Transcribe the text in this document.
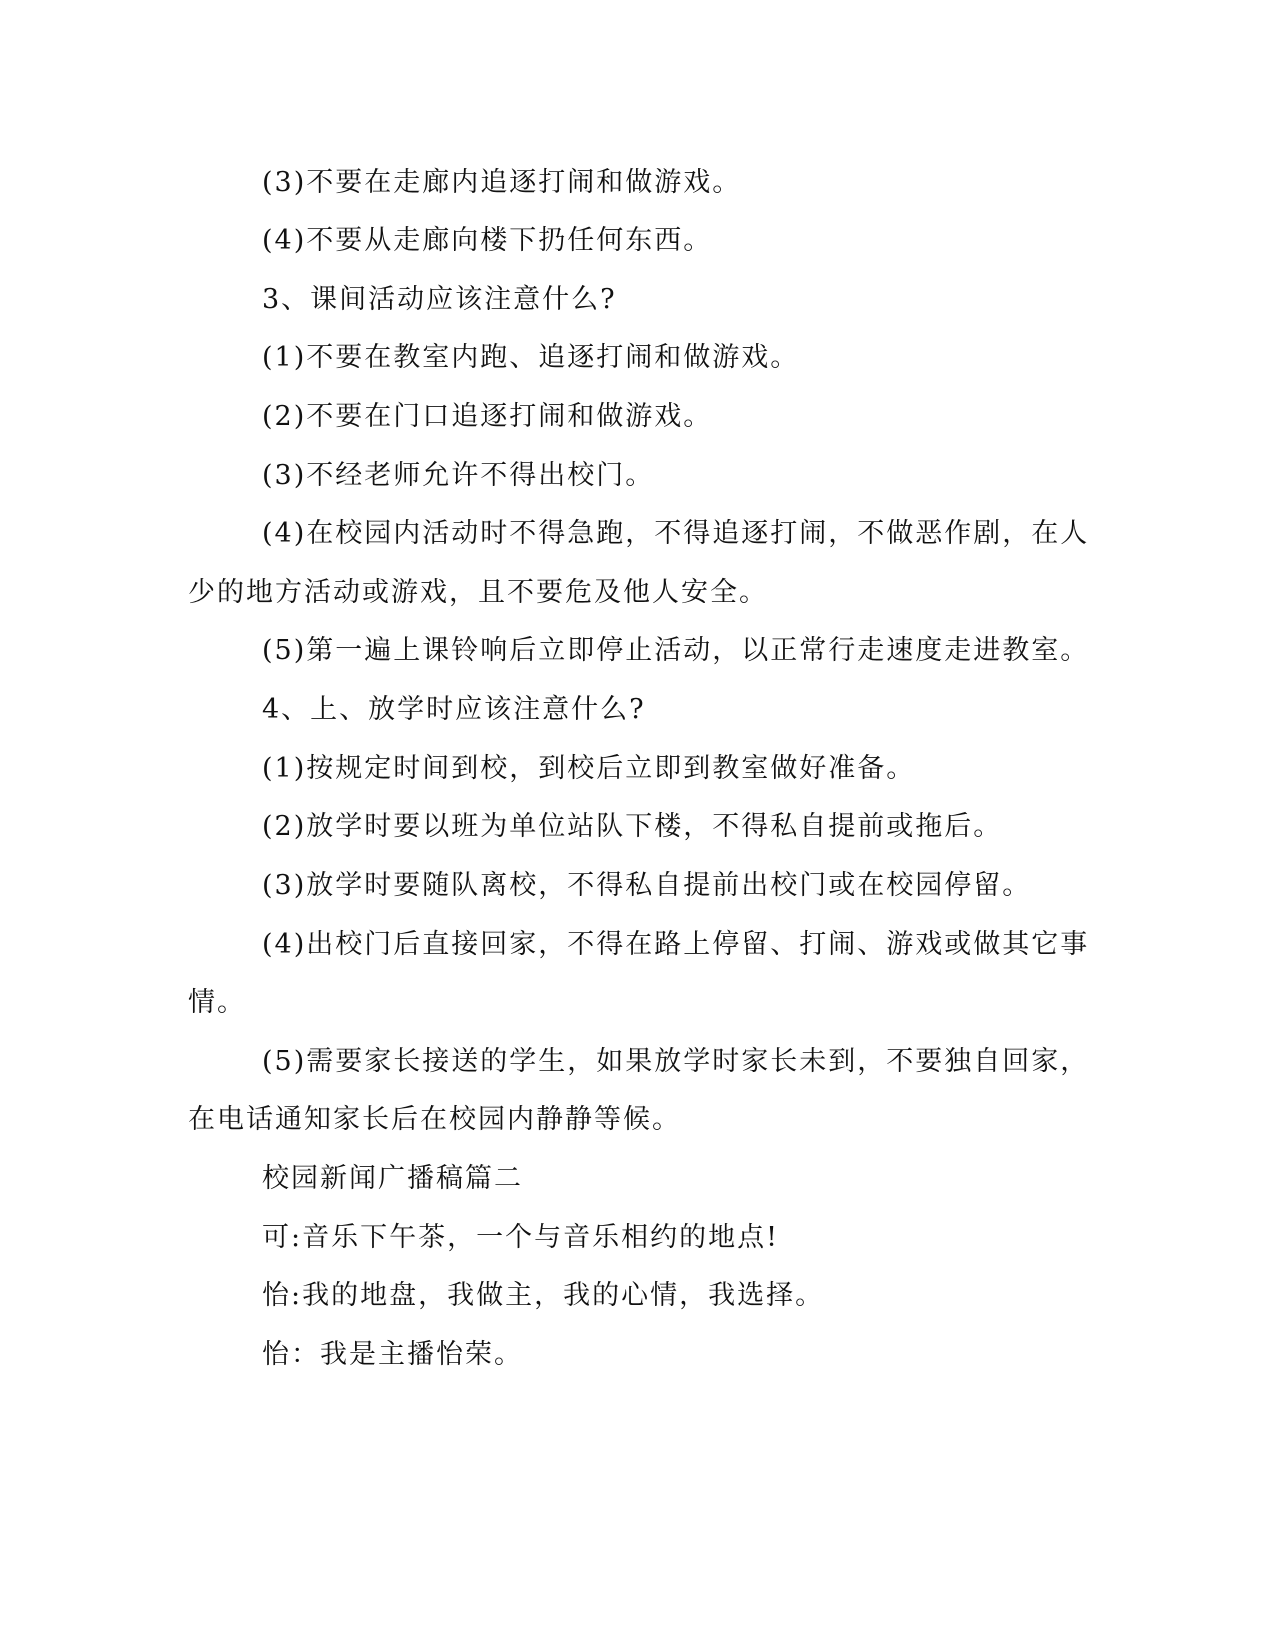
(3)不要在走廊内追逐打闹和做游戏。
(4)不要从走廊向楼下扔任何东西。
3、课间活动应该注意什么?
(1)不要在教室内跑、追逐打闹和做游戏。
(2)不要在门口追逐打闹和做游戏。
(3)不经老师允许不得出校门。
(4)在校园内活动时不得急跑，不得追逐打闹，不做恶作剧，在人
少的地方活动或游戏，且不要危及他人安全。
(5)第一遍上课铃响后立即停止活动，以正常行走速度走进教室。
4、上、放学时应该注意什么?
(1)按规定时间到校，到校后立即到教室做好准备。
(2)放学时要以班为单位站队下楼，不得私自提前或拖后。
(3)放学时要随队离校，不得私自提前出校门或在校园停留。
(4)出校门后直接回家，不得在路上停留、打闹、游戏或做其它事
情。
(5)需要家长接送的学生，如果放学时家长未到，不要独自回家，
在电话通知家长后在校园内静静等候。
校园新闻广播稿篇二
可:音乐下午茶，一个与音乐相约的地点!
怡:我的地盘，我做主，我的心情，我选择。
怡：我是主播怡荣。
